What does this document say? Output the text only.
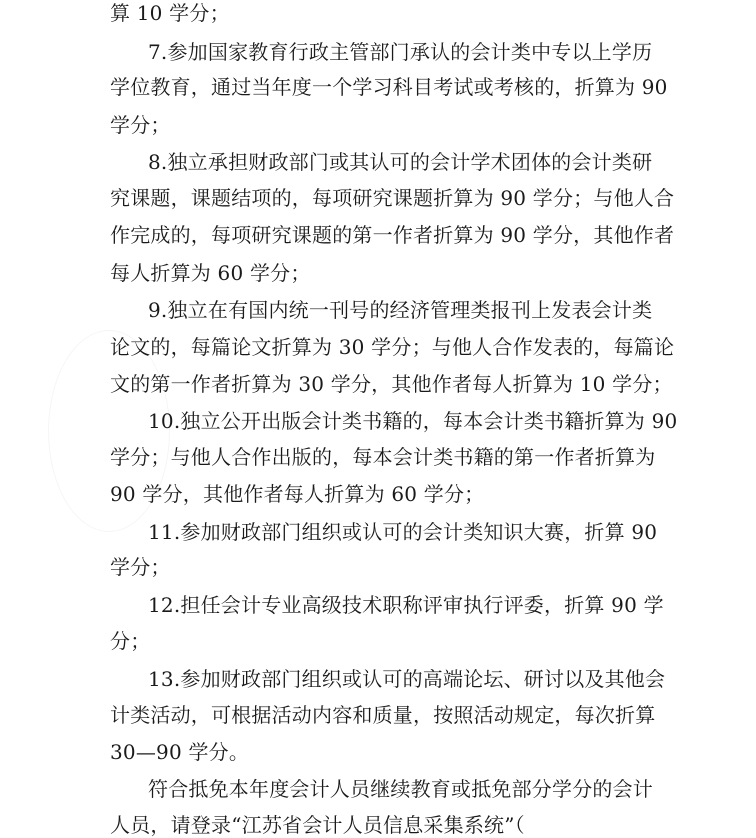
算 10 学分；
7.参加国家教育行政主管部门承认的会计类中专以上学历
学位教育，通过当年度一个学习科目考试或考核的，折算为 90
学分；
8.独立承担财政部门或其认可的会计学术团体的会计类研
究课题，课题结项的，每项研究课题折算为 90 学分；与他人合
作完成的，每项研究课题的第一作者折算为 90 学分，其他作者
每人折算为 60 学分；
9.独立在有国内统一刊号的经济管理类报刊上发表会计类
论文的，每篇论文折算为 30 学分；与他人合作发表的，每篇论
文的第一作者折算为 30 学分，其他作者每人折算为 10 学分；
10.独立公开出版会计类书籍的，每本会计类书籍折算为 90
学分；与他人合作出版的，每本会计类书籍的第一作者折算为
90 学分，其他作者每人折算为 60 学分；
11.参加财政部门组织或认可的会计类知识大赛，折算 90
学分；
12.担任会计专业高级技术职称评审执行评委，折算 90 学
分；
13.参加财政部门组织或认可的高端论坛、研讨以及其他会
计类活动，可根据活动内容和质量，按照活动规定，每次折算
30—90 学分。
符合抵免本年度会计人员继续教育或抵免部分学分的会计
人员，请登录“江苏省会计人员信息采集系统”（
